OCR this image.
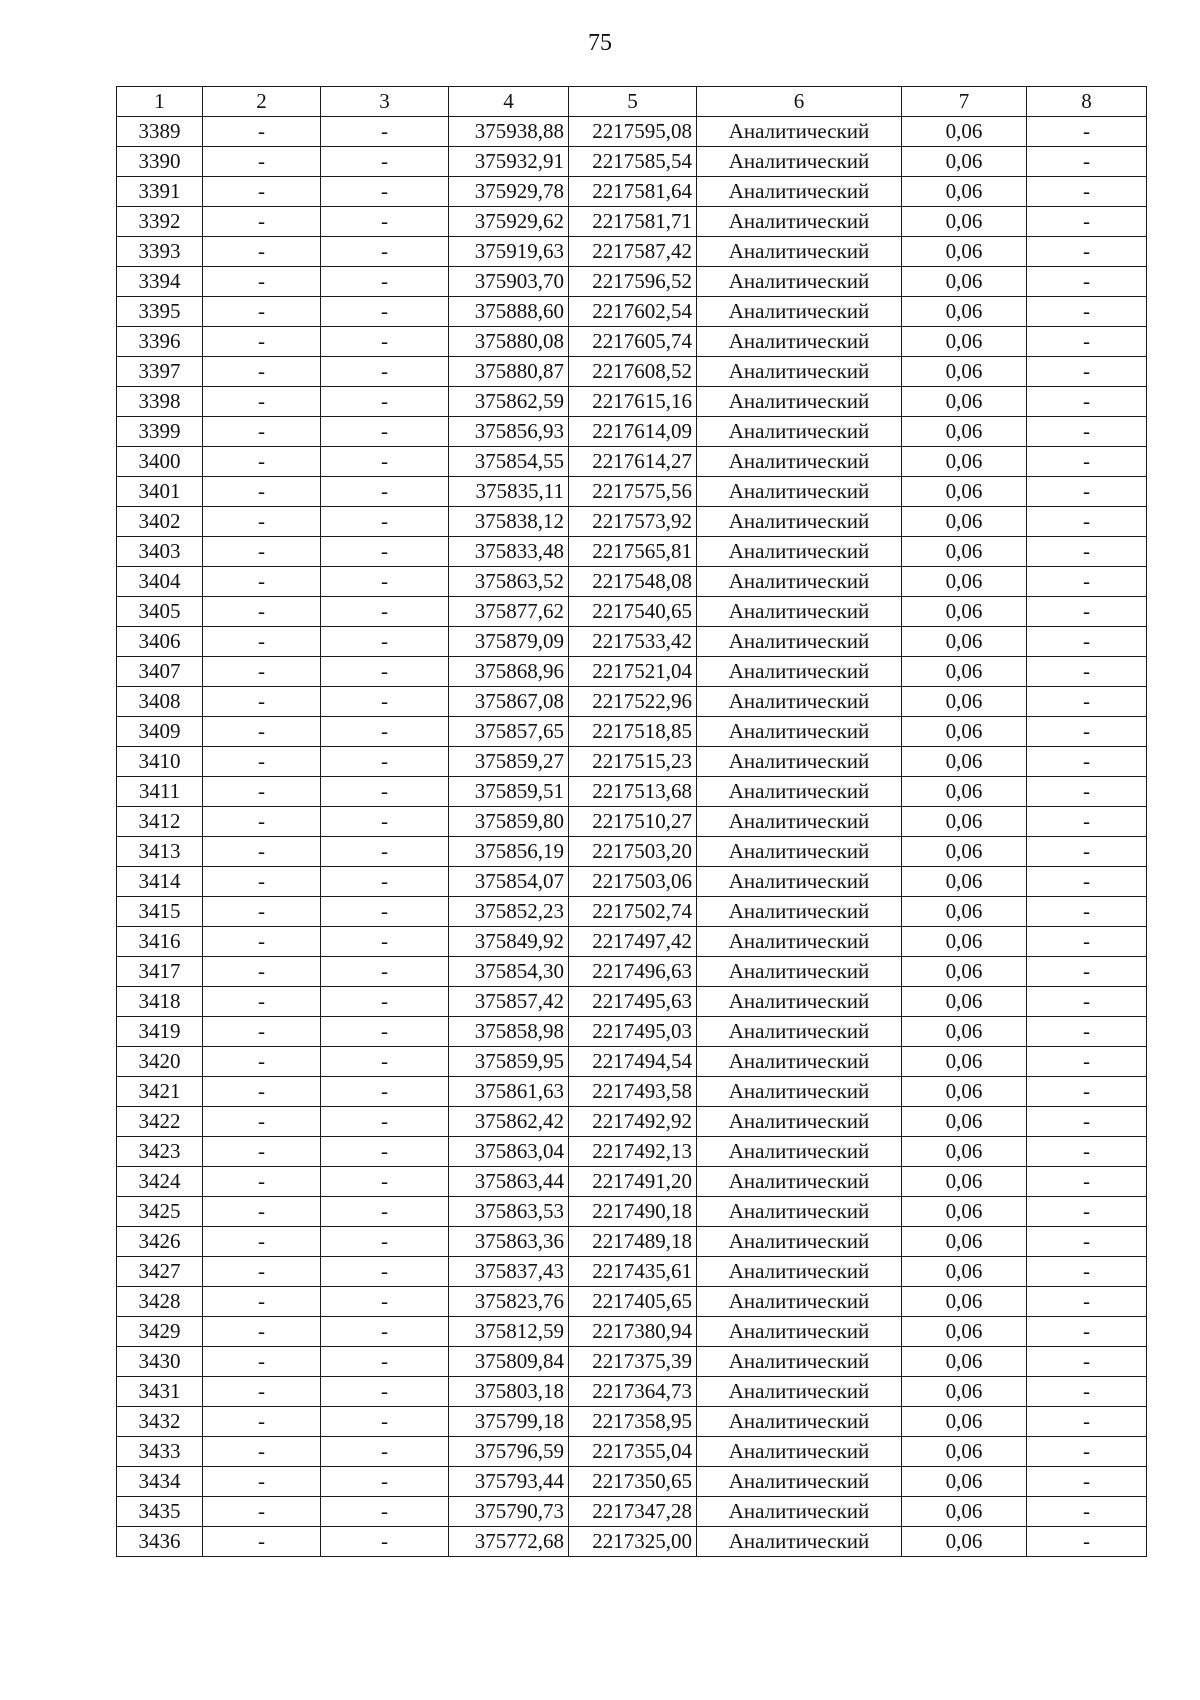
75
1	2	3	4	5	6	7	8
3389	-	-	375938,88	2217595,08	Аналитический	0,06	-
3390	-	-	375932,91	2217585,54	Аналитический	0,06	-
3391	-	-	375929,78	2217581,64	Аналитический	0,06	-
3392	-	-	375929,62	2217581,71	Аналитический	0,06	-
3393	-	-	375919,63	2217587,42	Аналитический	0,06	-
3394	-	-	375903,70	2217596,52	Аналитический	0,06	-
3395	-	-	375888,60	2217602,54	Аналитический	0,06	-
3396	-	-	375880,08	2217605,74	Аналитический	0,06	-
3397	-	-	375880,87	2217608,52	Аналитический	0,06	-
3398	-	-	375862,59	2217615,16	Аналитический	0,06	-
3399	-	-	375856,93	2217614,09	Аналитический	0,06	-
3400	-	-	375854,55	2217614,27	Аналитический	0,06	-
3401	-	-	375835,11	2217575,56	Аналитический	0,06	-
3402	-	-	375838,12	2217573,92	Аналитический	0,06	-
3403	-	-	375833,48	2217565,81	Аналитический	0,06	-
3404	-	-	375863,52	2217548,08	Аналитический	0,06	-
3405	-	-	375877,62	2217540,65	Аналитический	0,06	-
3406	-	-	375879,09	2217533,42	Аналитический	0,06	-
3407	-	-	375868,96	2217521,04	Аналитический	0,06	-
3408	-	-	375867,08	2217522,96	Аналитический	0,06	-
3409	-	-	375857,65	2217518,85	Аналитический	0,06	-
3410	-	-	375859,27	2217515,23	Аналитический	0,06	-
3411	-	-	375859,51	2217513,68	Аналитический	0,06	-
3412	-	-	375859,80	2217510,27	Аналитический	0,06	-
3413	-	-	375856,19	2217503,20	Аналитический	0,06	-
3414	-	-	375854,07	2217503,06	Аналитический	0,06	-
3415	-	-	375852,23	2217502,74	Аналитический	0,06	-
3416	-	-	375849,92	2217497,42	Аналитический	0,06	-
3417	-	-	375854,30	2217496,63	Аналитический	0,06	-
3418	-	-	375857,42	2217495,63	Аналитический	0,06	-
3419	-	-	375858,98	2217495,03	Аналитический	0,06	-
3420	-	-	375859,95	2217494,54	Аналитический	0,06	-
3421	-	-	375861,63	2217493,58	Аналитический	0,06	-
3422	-	-	375862,42	2217492,92	Аналитический	0,06	-
3423	-	-	375863,04	2217492,13	Аналитический	0,06	-
3424	-	-	375863,44	2217491,20	Аналитический	0,06	-
3425	-	-	375863,53	2217490,18	Аналитический	0,06	-
3426	-	-	375863,36	2217489,18	Аналитический	0,06	-
3427	-	-	375837,43	2217435,61	Аналитический	0,06	-
3428	-	-	375823,76	2217405,65	Аналитический	0,06	-
3429	-	-	375812,59	2217380,94	Аналитический	0,06	-
3430	-	-	375809,84	2217375,39	Аналитический	0,06	-
3431	-	-	375803,18	2217364,73	Аналитический	0,06	-
3432	-	-	375799,18	2217358,95	Аналитический	0,06	-
3433	-	-	375796,59	2217355,04	Аналитический	0,06	-
3434	-	-	375793,44	2217350,65	Аналитический	0,06	-
3435	-	-	375790,73	2217347,28	Аналитический	0,06	-
3436	-	-	375772,68	2217325,00	Аналитический	0,06	-
